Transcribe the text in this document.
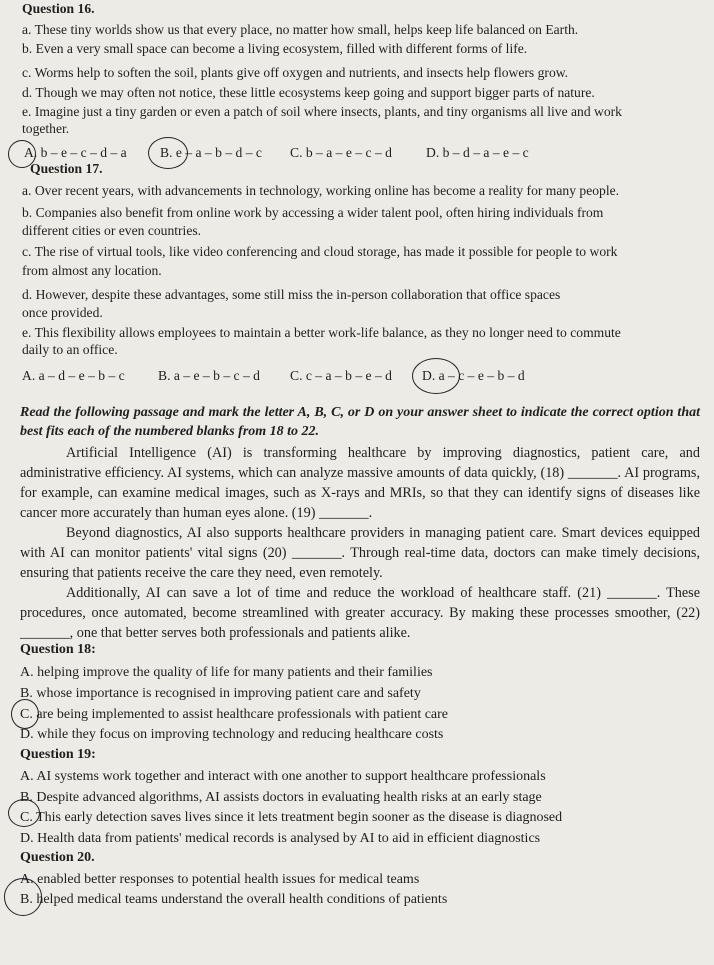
Question 16.
a. These tiny worlds show us that every place, no matter how small, helps keep life balanced on Earth.
b. Even a very small space can become a living ecosystem, filled with different forms of life.
c. Worms help to soften the soil, plants give off oxygen and nutrients, and insects help flowers grow.
d. Though we may often not notice, these little ecosystems keep going and support bigger parts of nature.
e. Imagine just a tiny garden or even a patch of soil where insects, plants, and tiny organisms all live and work
together.
A. b – e – c – d – a B. e – a – b – d – c C. b – a – e – c – d	D. b – d – a – e – c
Question 17.
a. Over recent years, with advancements in technology, working online has become a reality for many people.
b. Companies also benefit from online work by accessing a wider talent pool, often hiring individuals from
different cities or even countries.
c. The rise of virtual tools, like video conferencing and cloud storage, has made it possible for people to work
from almost any location.
d. However, despite these advantages, some still miss the in-person collaboration that office spaces
once provided.
e. This flexibility allows employees to maintain a better work-life balance, as they no longer need to commute
daily to an office.
A. a – d – e – b – c B. a – e – b – c – d C. c – a – b – e – d D. a – c – e – b – d
Read the following passage and mark the letter A, B, C, or D on your answer sheet to indicate the correct option that best fits each of the numbered blanks from 18 to 22.
Artificial Intelligence (AI) is transforming healthcare by improving diagnostics, patient care, and administrative efficiency. AI systems, which can analyze massive amounts of data quickly, (18) _______. AI programs, for example, can examine medical images, such as X-rays and MRIs, so that they can identify signs of diseases like cancer more accurately than human eyes alone. (19) _______.
Beyond diagnostics, AI also supports healthcare providers in managing patient care. Smart devices equipped with AI can monitor patients' vital signs (20) _______. Through real-time data, doctors can make timely decisions, ensuring that patients receive the care they need, even remotely.
Additionally, AI can save a lot of time and reduce the workload of healthcare staff. (21) _______. These procedures, once automated, become streamlined with greater accuracy. By making these processes smoother, (22) _______, one that better serves both professionals and patients alike.
Question 18:
A. helping improve the quality of life for many patients and their families
B. whose importance is recognised in improving patient care and safety
C. are being implemented to assist healthcare professionals with patient care
D. while they focus on improving technology and reducing healthcare costs
Question 19:
A. AI systems work together and interact with one another to support healthcare professionals
B. Despite advanced algorithms, AI assists doctors in evaluating health risks at an early stage
C. This early detection saves lives since it lets treatment begin sooner as the disease is diagnosed
D. Health data from patients' medical records is analysed by AI to aid in efficient diagnostics
Question 20.
A. enabled better responses to potential health issues for medical teams
B. helped medical teams understand the overall health conditions of patients
